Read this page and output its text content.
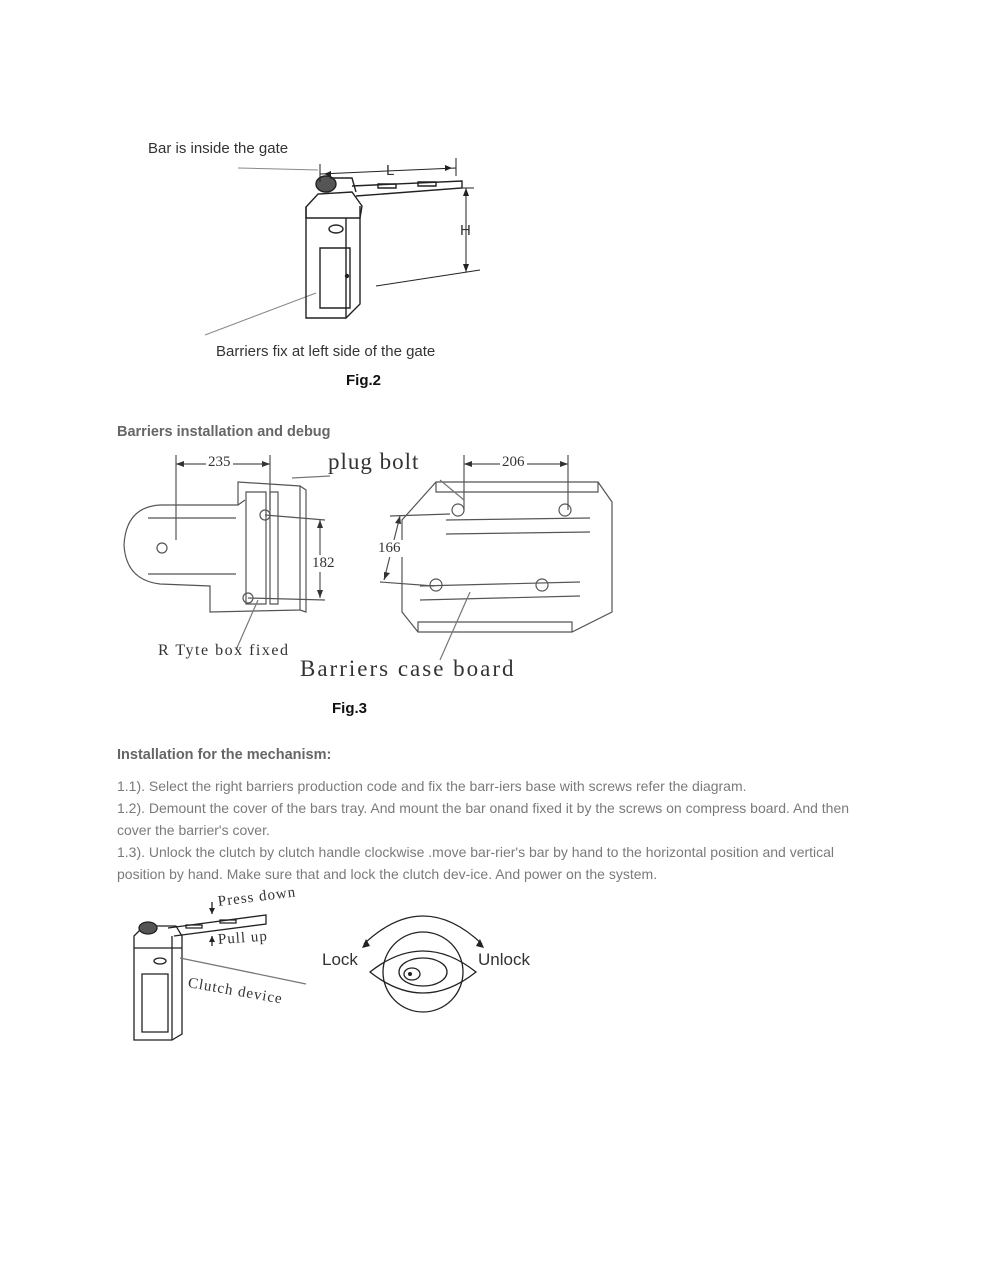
Bar is inside the gate
L
H
Barriers fix at left side of the gate
Fig.2
Barriers installation and debug
235	206
182
166
plug bolt
R Tyte box fixed
Barriers case board
Fig.3
Installation for the mechanism:
1.1). Select the right barriers production code and fix the barr-iers base with screws refer the diagram.
1.2). Demount the cover of the bars tray. And mount the bar onand fixed it by the screws on compress board. And then cover the barrier's cover.
1.3). Unlock the clutch by clutch handle clockwise .move bar-rier's bar by hand to the horizontal position and vertical position by hand. Make sure that and lock the clutch dev-ice. And power on the system.
Press down
Pull up
Clutch device
Lock	Unlock
